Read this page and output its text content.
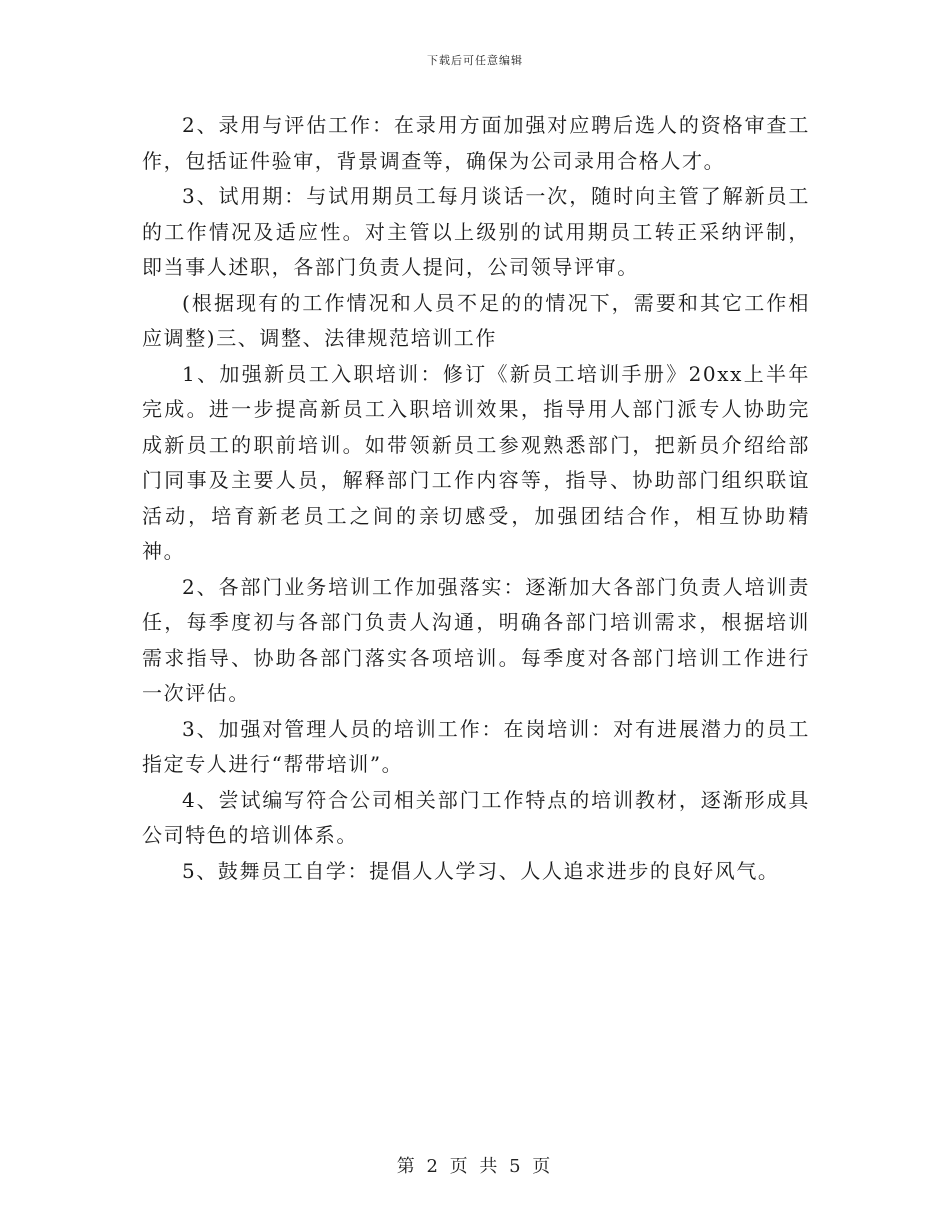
下载后可任意编辑

2、录用与评估工作：在录用方面加强对应聘后选人的资格审查工作，包括证件验审，背景调查等，确保为公司录用合格人才。

3、试用期：与试用期员工每月谈话一次，随时向主管了解新员工的工作情况及适应性。对主管以上级别的试用期员工转正采纳评制，即当事人述职，各部门负责人提问，公司领导评审。

(根据现有的工作情况和人员不足的的情况下，需要和其它工作相应调整)三、调整、法律规范培训工作

1、加强新员工入职培训：修订《新员工培训手册》20xx上半年完成。进一步提高新员工入职培训效果，指导用人部门派专人协助完成新员工的职前培训。如带领新员工参观熟悉部门，把新员介绍给部门同事及主要人员，解释部门工作内容等，指导、协助部门组织联谊活动，培育新老员工之间的亲切感受，加强团结合作，相互协助精神。

2、各部门业务培训工作加强落实：逐渐加大各部门负责人培训责任，每季度初与各部门负责人沟通，明确各部门培训需求，根据培训需求指导、协助各部门落实各项培训。每季度对各部门培训工作进行一次评估。

3、加强对管理人员的培训工作：在岗培训：对有进展潜力的员工指定专人进行“帮带培训”。

4、尝试编写符合公司相关部门工作特点的培训教材，逐渐形成具公司特色的培训体系。

5、鼓舞员工自学：提倡人人学习、人人追求进步的良好风气。

第 2 页 共 5 页
